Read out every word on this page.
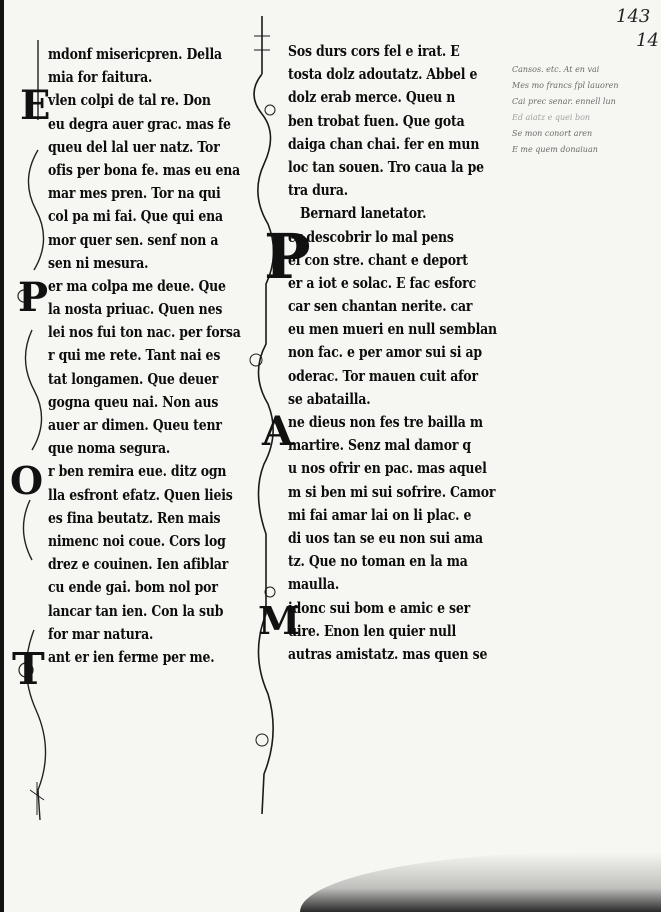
143
14
E
P
O
T
P
A
M
mdonf misericpren. Della
mia for faitura.
vlen colpi de tal re. Don
eu degra auer grac. mas fe
queu del lal uer natz. Tor
ofis per bona fe. mas eu ena
mar mes pren. Tor na qui
col pa mi fai. Que qui ena
mor quer sen. senf non a
sen ni mesura.
er ma colpa me deue. Que
la nosta priuac. Quen nes
lei nos fui ton nac. per forsa
r qui me rete. Tant nai es
tat longamen. Que deuer
gogna queu nai. Non aus
auer ar dimen. Queu tenr
que noma segura.
r ben remira eue. ditz ogn
lla esfront efatz. Quen lieis
es fina beutatz. Ren mais
nimenc noi coue. Cors log
drez e couinen. Ien afiblar
cu ende gai. bom nol por
lancar tan ien. Con la sub
for mar natura.
ant er ien ferme per me.
Sos durs cors fel e irat. E
tosta dolz adoutatz. Abbel e
dolz erab merce. Queu n
ben trobat fuen. Que gota
daiga chan chai. fer en mun
loc tan souen. Tro caua la pe
tra dura.
Bernard lanetator.
er descobrir lo mal pens
el con stre. chant e deport
er a iot e solac. E fac esforc
car sen chantan nerite. car
eu men mueri en null semblan
non fac. e per amor sui si ap
oderac. Tor mauen cuit afor
se abatailla.
ne dieus non fes tre bailla m
martire. Senz mal damor q
u nos ofrir en pac. mas aquel
m si ben mi sui sofrire. Camor
mi fai amar lai on li plac. e
di uos tan se eu non sui ama
tz. Que no toman en la ma
maulla.
idonc sui bom e amic e ser
uire. Enon len quier null
autras amistatz. mas quen se
Cansos. etc. At en vai
Mes mo francs fpl lauoren
Cai prec senar. ennell lun
Ed aiatz e quei bon
Se mon conort aren
E me quem donaiuan
